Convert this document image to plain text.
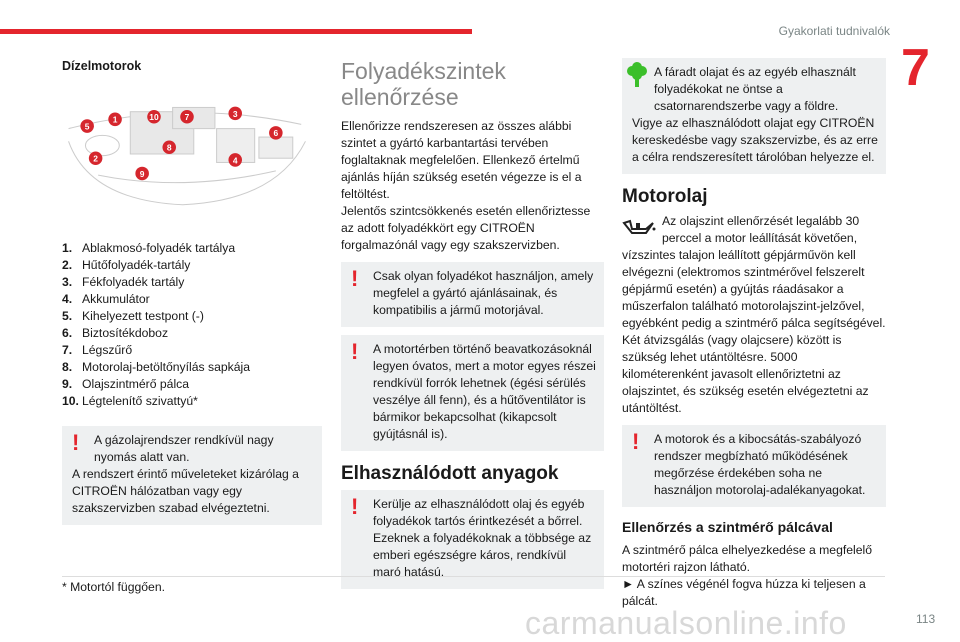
Gyakorlati tudnivalók
7
Dízelmotorok
5
1
2
10	7	3
6
8
4
9
1. Ablakmosó-folyadék tartálya
2. Hűtőfolyadék-tartály
3. Fékfolyadék tartály
4. Akkumulátor
5. Kihelyezett testpont (-)
6. Biztosítékdoboz
7. Légszűrő
8. Motorolaj-betöltőnyílás sapkája
9. Olajszintmérő pálca
10. Légtelenítő szivattyú*
!	A gázolajrendszer rendkívül nagy nyomás alatt van.
A rendszert érintő műveleteket kizárólag a CITROËN hálózatban vagy egy szakszervizben szabad elvégeztetni.
Folyadékszintek ellenőrzése

Ellenőrizze rendszeresen az összes alábbi szintet a gyártó karbantartási tervében foglaltaknak megfelelően. Ellenkező értelmű ajánlás híján szükség esetén végezze is el a feltöltést.

Jelentős szintcsökkenés esetén ellenőriztesse az adott folyadékkört egy CITROËN forgalmazónál vagy egy szakszervizben.

!	Csak olyan folyadékot használjon, amely megfelel a gyártó ajánlásainak, és kompatibilis a jármű motorjával.
!	A motortérben történő beavatkozásoknál legyen óvatos, mert a motor egyes részei rendkívül forrók lehetnek (égési sérülés veszélye áll fenn), és a hűtőventilátor is bármikor bekapcsolhat (kikapcsolt gyújtásnál is).
Elhasználódott anyagok
!	Kerülje az elhasználódott olaj és egyéb folyadékok tartós érintkezését a bőrrel. Ezeknek a folyadékoknak a többsége az emberi egészségre káros, rendkívül maró hatású.
A fáradt olajat és az egyéb elhasznált folyadékokat ne öntse a csatornarendszerbe vagy a földre.
Vigye az elhasználódott olajat egy CITROËN kereskedésbe vagy szakszervizbe, és az erre a célra rendszeresített tárolóban helyezze el.
Motorolaj

Az olajszint ellenőrzését legalább 30 perccel a motor leállítását követően, vízszintes talajon leállított gépjárművön kell elvégezni (elektromos szintmérővel felszerelt gépjármű esetén) a gyújtás ráadásakor a műszerfalon található motorolajszint-jelzővel, egyébként pedig a szintmérő pálca segítségével.

Két átvizsgálás (vagy olajcsere) között is szükség lehet utántöltésre. 5000 kilométerenként javasolt ellenőriztetni az olajszintet, és szükség esetén elvégeztetni az utántöltést.

!	A motorok és a kibocsátás-szabályozó rendszer megbízható működésének megőrzése érdekében soha ne használjon motorolaj-adalékanyagokat.
Ellenőrzés a szintmérő pálcával

A szintmérő pálca elhelyezkedése a megfelelő motortéri rajzon látható.

► A színes végénél fogva húzza ki teljesen a pálcát.

* Motortól függően.
carmanualsonline.info	113
